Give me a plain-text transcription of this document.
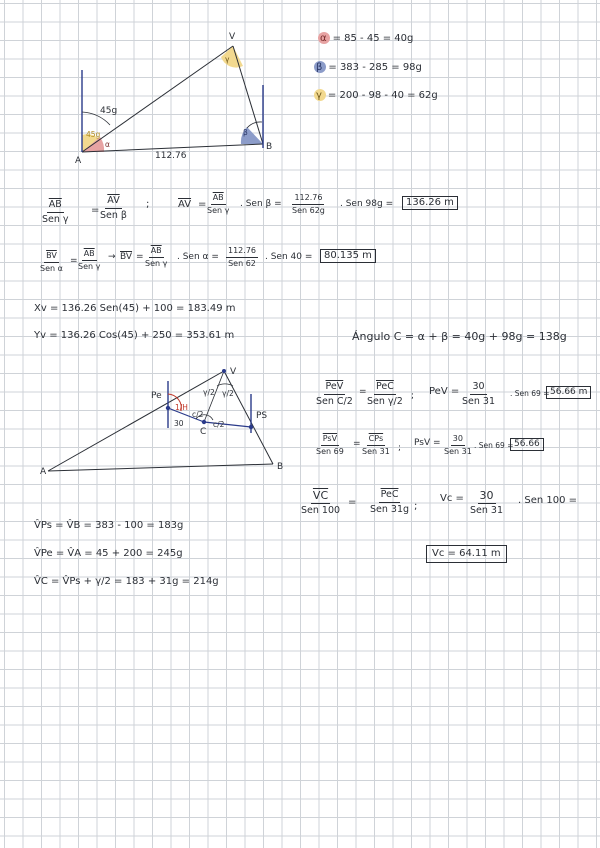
α = 85 - 45 = 40g
β = 383 - 285 = 98g
γ = 200 - 98 - 40 = 62g
V
A
B
45g
112.76
45g
α
β
γ
$\overline{AB}$
Sen γ
=
$\overline{AV}$
Sen β
;	$\overline{AV}$ =
$\overline{AB}$
Sen γ
. Sen β =
112.76
Sen 62g
. Sen 98g =	136.26 m
$\overline{BV}$
Sen α
=
$\overline{AB}$
Sen γ
→ $\overline{BV}$ =
$\overline{AB}$
Sen γ
. Sen α =
112.76
Sen 62
. Sen 40 =	80.135 m
Xv = 136.26 Sen(45) + 100 = 183.49 m
Yv = 136.26 Cos(45) + 250 = 353.61 m	Ángulo C = α + β = 40g + 98g = 138g
Pe
V
PS
C
A	B
γ/2 γ/2
c/2
c/2
30
1/H
$\overline{PeV}$
Sen C/2
= $\overline{PeC}$
Sen γ/2 ; PeV = 30
Sen 31
. Sen 69 = 56.66 m
$\overline{PsV}$
Sen 69
=
$\overline{CPs}$
Sen 31 ; PsV = 30
Sen 31
. Sen 69 = 56.66
$\overline{VC}$
Sen 100
=
$\overline{PeC}$
Sen 31g ;
Vc = 30
Sen 31
. Sen 100 =
Vc = 64.11 m
V̂Ps = V̂B = 383 - 100 = 183g
V̂Pe = V̂A = 45 + 200 = 245g
V̂C = V̂Ps + γ/2 = 183 + 31g = 214g
